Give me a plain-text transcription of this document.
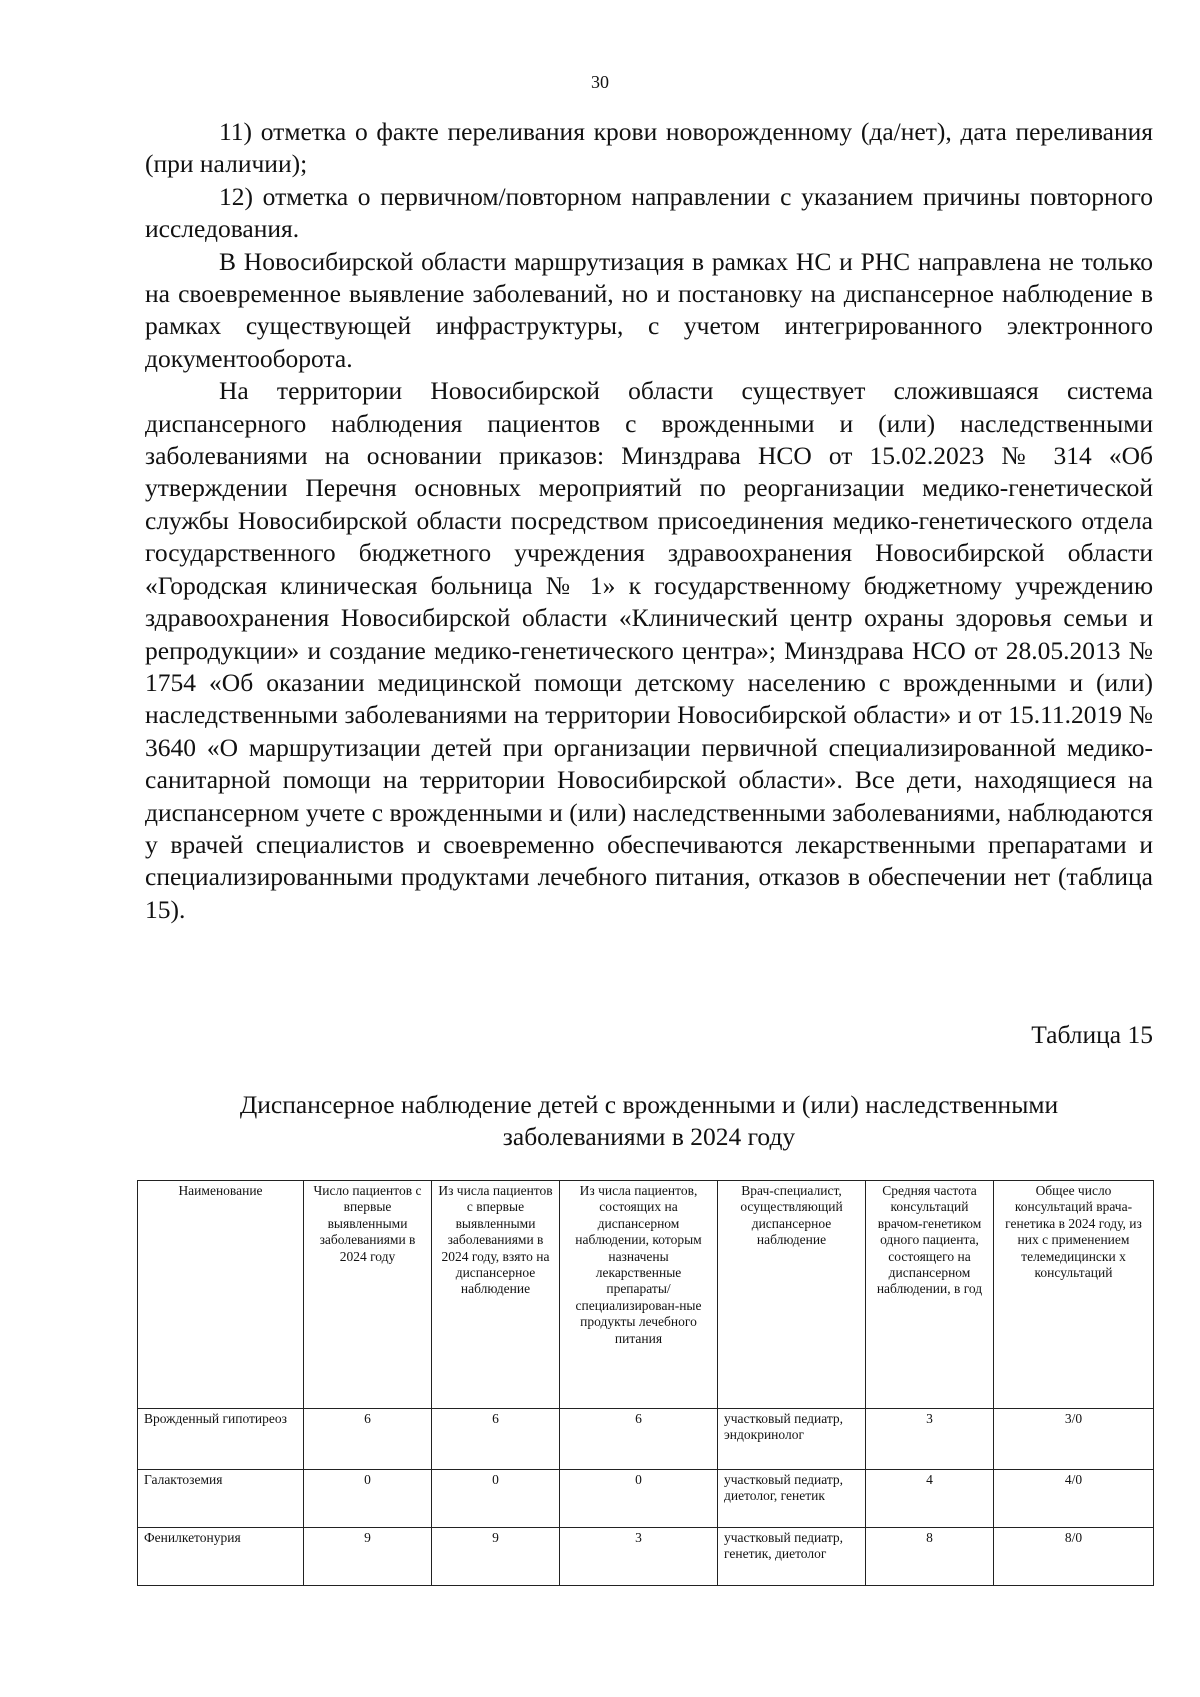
30

11) отметка о факте переливания крови новорожденному (да/нет), дата переливания (при наличии);

12) отметка о первичном/повторном направлении с указанием причины повторного исследования.

В Новосибирской области маршрутизация в рамках НС и РНС направлена не только на своевременное выявление заболеваний, но и постановку на диспансерное наблюдение в рамках существующей инфраструктуры, с учетом интегрированного электронного документооборота.

На территории Новосибирской области существует сложившаяся система диспансерного наблюдения пациентов с врожденными и (или) наследственными заболеваниями на основании приказов: Минздрава НСО от 15.02.2023 № 314 «Об утверждении Перечня основных мероприятий по реорганизации медико-генетической службы Новосибирской области посредством присоединения медико-генетического отдела государственного бюджетного учреждения здравоохранения Новосибирской области «Городская клиническая больница № 1» к государственному бюджетному учреждению здравоохранения Новосибирской области «Клинический центр охраны здоровья семьи и репродукции» и создание медико-генетического центра»; Минздрава НСО от 28.05.2013 № 1754 «Об оказании медицинской помощи детскому населению с врожденными и (или) наследственными заболеваниями на территории Новосибирской области» и от 15.11.2019 № 3640 «О маршрутизации детей при организации первичной специализированной медико-санитарной помощи на территории Новосибирской области». Все дети, находящиеся на диспансерном учете с врожденными и (или) наследственными заболеваниями, наблюдаются у врачей специалистов и своевременно обеспечиваются лекарственными препаратами и специализированными продуктами лечебного питания, отказов в обеспечении нет (таблица 15).

Таблица 15
Диспансерное наблюдение детей с врожденными и (или) наследственными
заболеваниями в 2024 году
Наименование	Число пациентов с впервые выявленными заболеваниями в 2024 году	Из числа пациентов с впервые выявленными заболеваниями в 2024 году, взято на диспансерное наблюдение	Из числа пациентов, состоящих на диспансерном наблюдении, которым назначены лекарственные препараты/ специализирован-ные продукты лечебного питания	Врач-специалист, осуществляющий диспансерное наблюдение	Средняя частота консультаций врачом-генетиком одного пациента, состоящего на диспансерном наблюдении, в год	Общее число консультаций врача-генетика в 2024 году, из них с применением телемедицински х консультаций
Врожденный гипотиреоз	6	6	6	участковый педиатр, эндокринолог	3	3/0
Галактоземия	0	0	0	участковый педиатр, диетолог, генетик	4	4/0
Фенилкетонурия	9	9	3	участковый педиатр, генетик, диетолог	8	8/0
